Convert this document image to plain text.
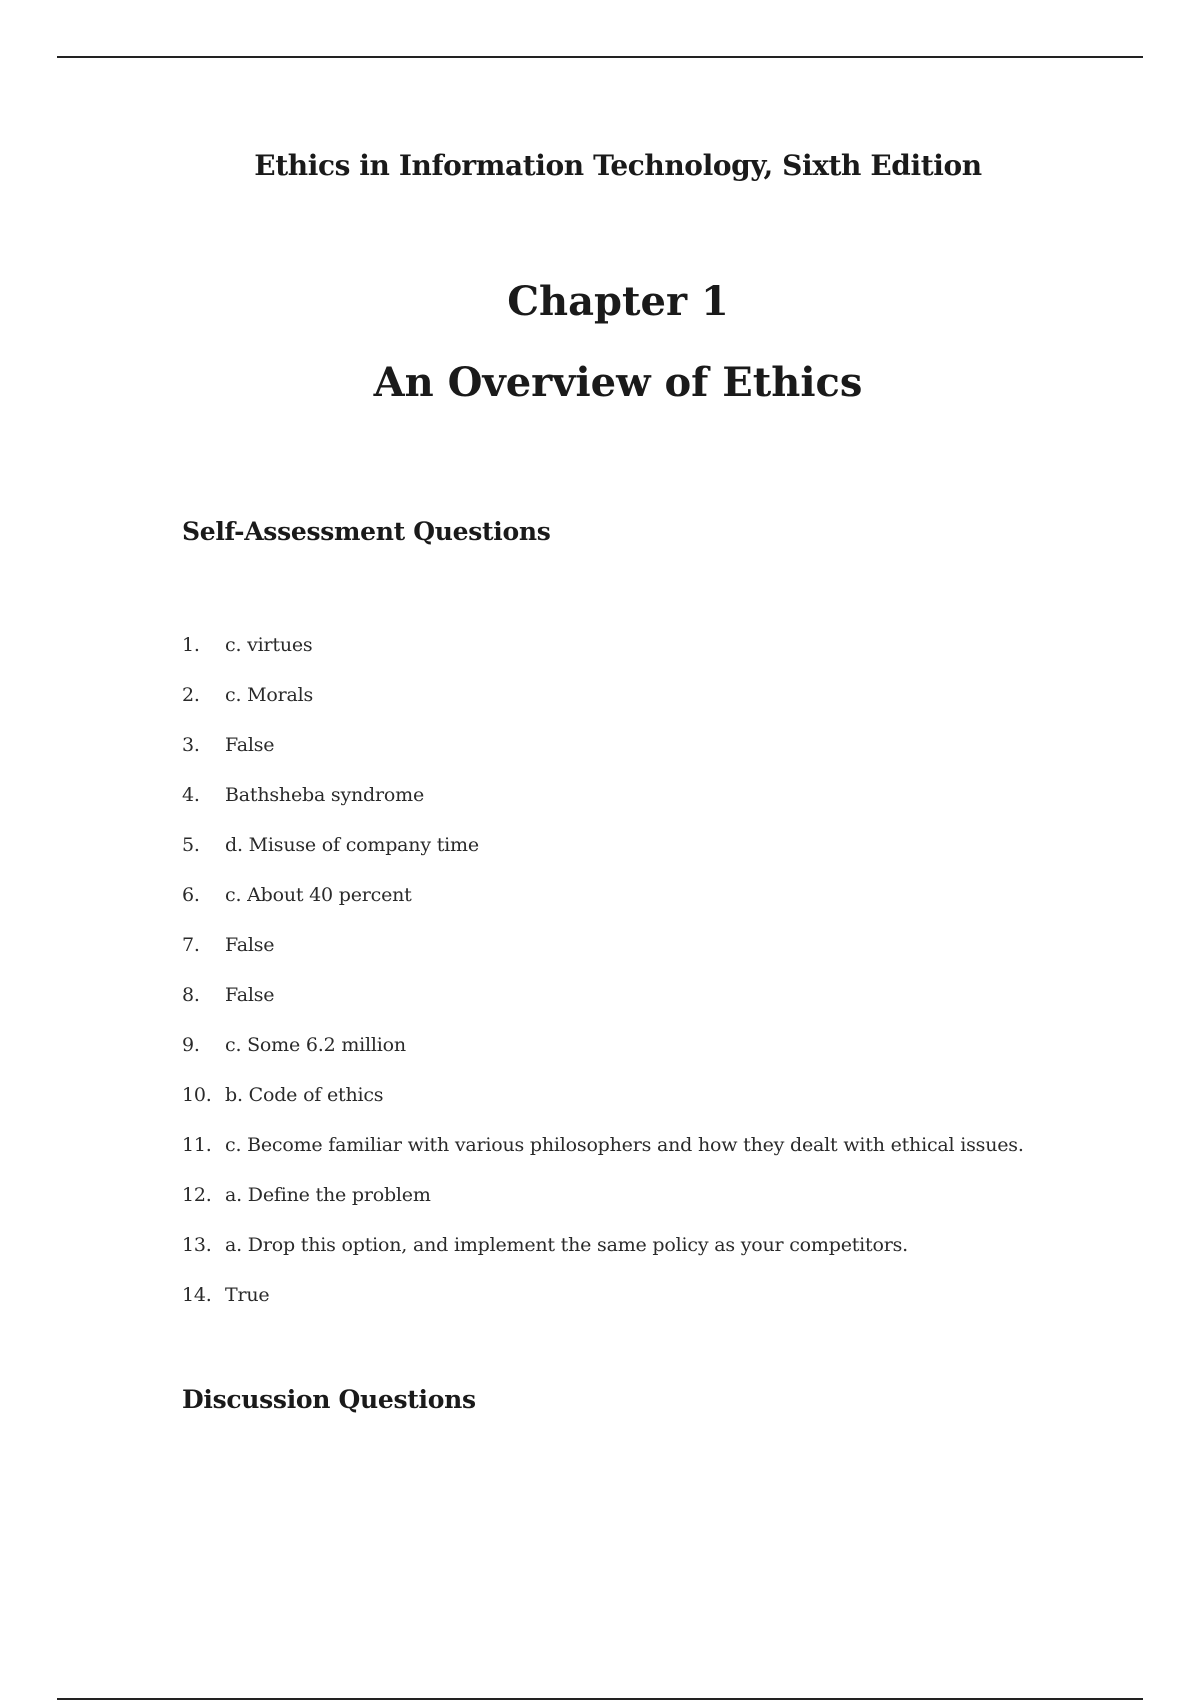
Ethics in Information Technology, Sixth Edition
Chapter 1
An Overview of Ethics
Self-Assessment Questions
1. c. virtues
2. c. Morals
3. False
4. Bathsheba syndrome
5. d. Misuse of company time
6. c. About 40 percent
7. False
8. False
9. c. Some 6.2 million
10. b. Code of ethics
11. c. Become familiar with various philosophers and how they dealt with ethical issues.
12. a. Define the problem
13. a. Drop this option, and implement the same policy as your competitors.
14. True
Discussion Questions
